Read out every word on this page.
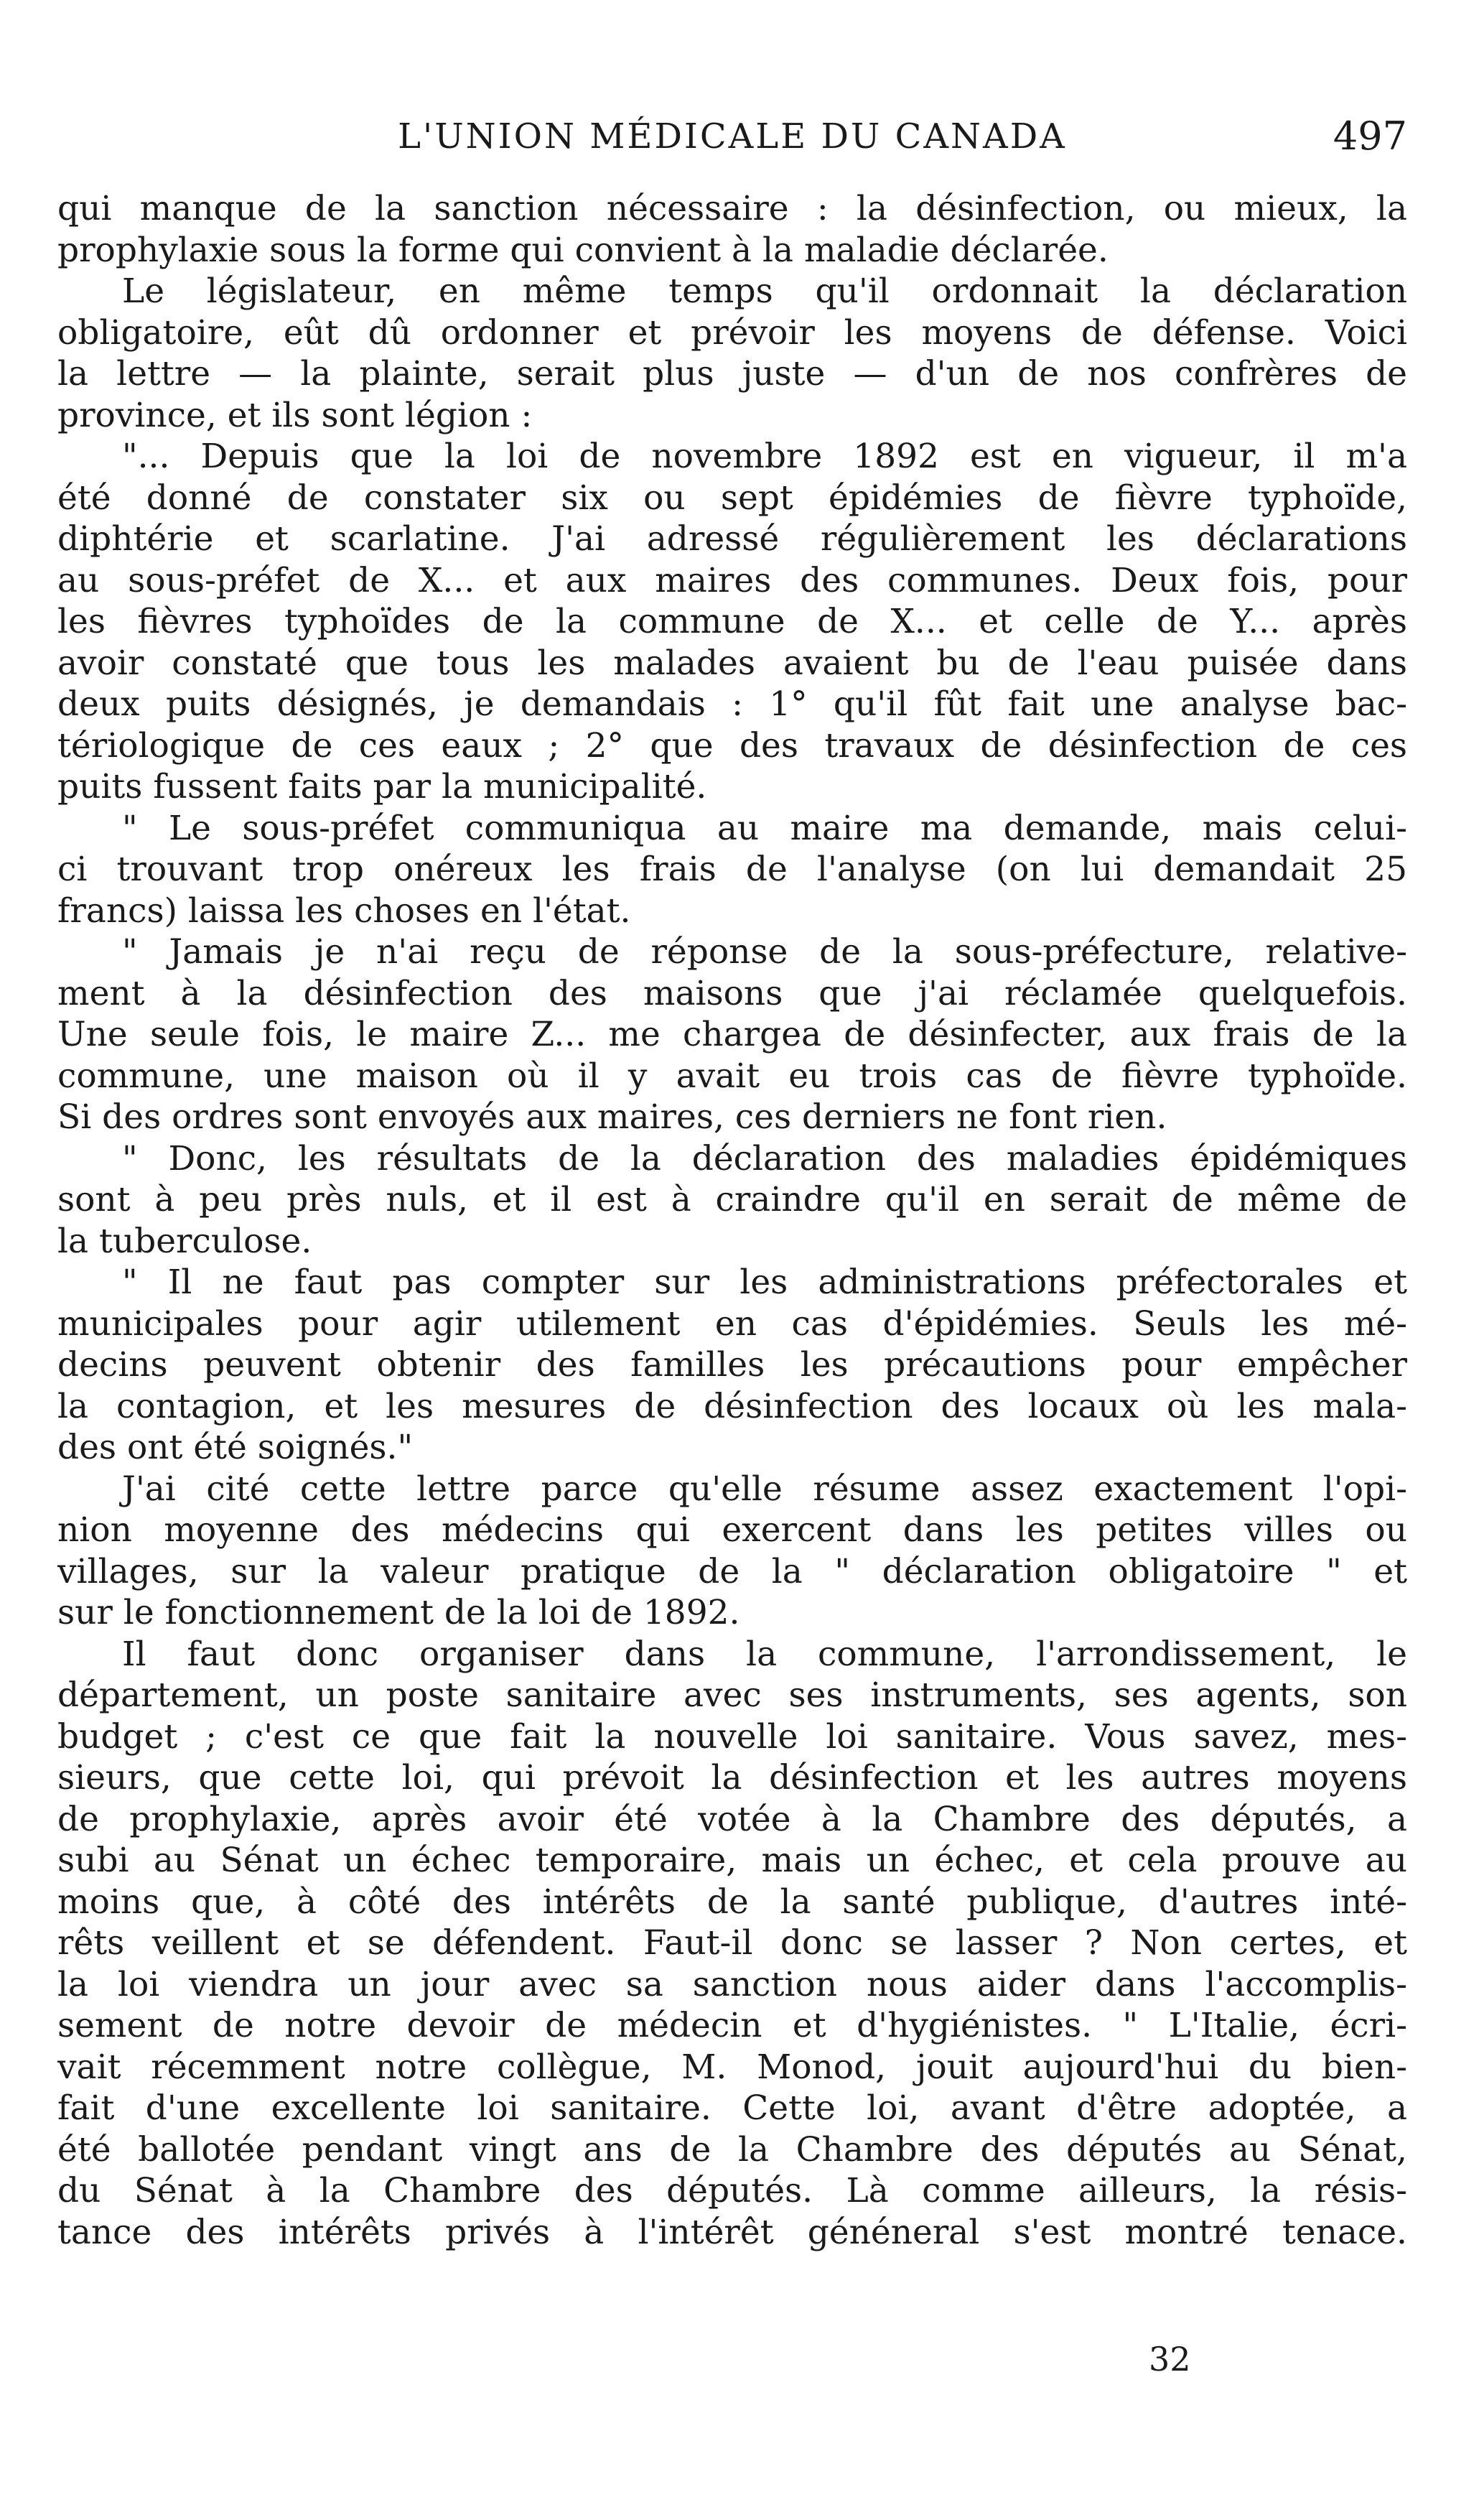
L'UNION MÉDICALE DU CANADA	497
qui manque de la sanction nécessaire : la désinfection, ou mieux, la
prophylaxie sous la forme qui convient à la maladie déclarée.
Le législateur, en même temps qu'il ordonnait la déclaration
obligatoire, eût dû ordonner et prévoir les moyens de défense. Voici
la lettre — la plainte, serait plus juste — d'un de nos confrères de
province, et ils sont légion :
"... Depuis que la loi de novembre 1892 est en vigueur, il m'a
été donné de constater six ou sept épidémies de fièvre typhoïde,
diphtérie et scarlatine. J'ai adressé régulièrement les déclarations
au sous-préfet de X... et aux maires des communes. Deux fois, pour
les fièvres typhoïdes de la commune de X... et celle de Y... après
avoir constaté que tous les malades avaient bu de l'eau puisée dans
deux puits désignés, je demandais : 1° qu'il fût fait une analyse bac-
tériologique de ces eaux ; 2° que des travaux de désinfection de ces
puits fussent faits par la municipalité.
" Le sous-préfet communiqua au maire ma demande, mais celui-
ci trouvant trop onéreux les frais de l'analyse (on lui demandait 25
francs) laissa les choses en l'état.
" Jamais je n'ai reçu de réponse de la sous-préfecture, relative-
ment à la désinfection des maisons que j'ai réclamée quelquefois.
Une seule fois, le maire Z... me chargea de désinfecter, aux frais de la
commune, une maison où il y avait eu trois cas de fièvre typhoïde.
Si des ordres sont envoyés aux maires, ces derniers ne font rien.
" Donc, les résultats de la déclaration des maladies épidémiques
sont à peu près nuls, et il est à craindre qu'il en serait de même de
la tuberculose.
" Il ne faut pas compter sur les administrations préfectorales et
municipales pour agir utilement en cas d'épidémies. Seuls les mé-
decins peuvent obtenir des familles les précautions pour empêcher
la contagion, et les mesures de désinfection des locaux où les mala-
des ont été soignés."
J'ai cité cette lettre parce qu'elle résume assez exactement l'opi-
nion moyenne des médecins qui exercent dans les petites villes ou
villages, sur la valeur pratique de la " déclaration obligatoire " et
sur le fonctionnement de la loi de 1892.
Il faut donc organiser dans la commune, l'arrondissement, le
département, un poste sanitaire avec ses instruments, ses agents, son
budget ; c'est ce que fait la nouvelle loi sanitaire. Vous savez, mes-
sieurs, que cette loi, qui prévoit la désinfection et les autres moyens
de prophylaxie, après avoir été votée à la Chambre des députés, a
subi au Sénat un échec temporaire, mais un échec, et cela prouve au
moins que, à côté des intérêts de la santé publique, d'autres inté-
rêts veillent et se défendent. Faut-il donc se lasser ? Non certes, et
la loi viendra un jour avec sa sanction nous aider dans l'accomplis-
sement de notre devoir de médecin et d'hygiénistes. " L'Italie, écri-
vait récemment notre collègue, M. Monod, jouit aujourd'hui du bien-
fait d'une excellente loi sanitaire. Cette loi, avant d'être adoptée, a
été ballotée pendant vingt ans de la Chambre des députés au Sénat,
du Sénat à la Chambre des députés. Là comme ailleurs, la résis-
tance des intérêts privés à l'intérêt généneral s'est montré tenace.
32
